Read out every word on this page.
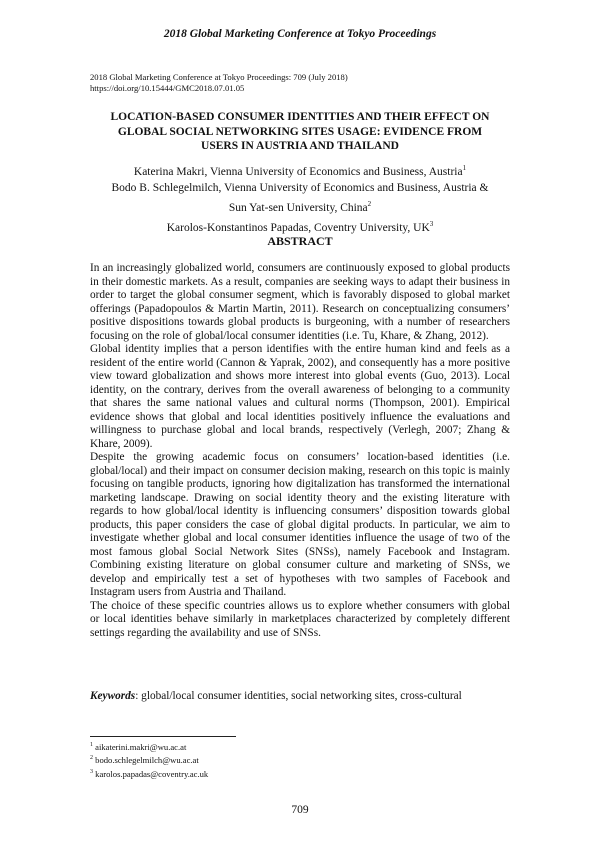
2018 Global Marketing Conference at Tokyo Proceedings
2018 Global Marketing Conference at Tokyo Proceedings: 709 (July 2018)
https://doi.org/10.15444/GMC2018.07.01.05
LOCATION-BASED CONSUMER IDENTITIES AND THEIR EFFECT ON
GLOBAL SOCIAL NETWORKING SITES USAGE: EVIDENCE FROM
USERS IN AUSTRIA AND THAILAND
Katerina Makri, Vienna University of Economics and Business, Austria$^1$
Bodo B. Schlegelmilch, Vienna University of Economics and Business, Austria &
Sun Yat-sen University, China$^2$
Karolos-Konstantinos Papadas, Coventry University, $UK^3$
ABSTRACT

In an increasingly globalized world, consumers are continuously exposed to global products in their domestic markets. As a result, companies are seeking ways to adapt their business in order to target the global consumer segment, which is favorably disposed to global market offerings (Papadopoulos & Martin Martin, 2011). Research on conceptualizing consumers’ positive dispositions towards global products is burgeoning, with a number of researchers focusing on the role of global/local consumer identities (i.e. Tu, Khare, & Zhang, 2012).

Global identity implies that a person identifies with the entire human kind and feels as a resident of the entire world (Cannon & Yaprak, 2002), and consequently has a more positive view toward globalization and shows more interest into global events (Guo, 2013). Local identity, on the contrary, derives from the overall awareness of belonging to a community that shares the same national values and cultural norms (Thompson, 2001). Empirical evidence shows that global and local identities positively influence the evaluations and willingness to purchase global and local brands, respectively (Verlegh, 2007; Zhang & Khare, 2009).

Despite the growing academic focus on consumers’ location-based identities (i.e. global/local) and their impact on consumer decision making, research on this topic is mainly focusing on tangible products, ignoring how digitalization has transformed the international marketing landscape. Drawing on social identity theory and the existing literature with regards to how global/local identity is influencing consumers’ disposition towards global products, this paper considers the case of global digital products. In particular, we aim to investigate whether global and local consumer identities influence the usage of two of the most famous global Social Network Sites (SNSs), namely Facebook and Instagram. Combining existing literature on global consumer culture and marketing of SNSs, we develop and empirically test a set of hypotheses with two samples of Facebook and Instagram users from Austria and Thailand.

The choice of these specific countries allows us to explore whether consumers with global or local identities behave similarly in marketplaces characterized by completely different settings regarding the availability and use of SNSs.

Keywords: global/local consumer identities, social networking sites, cross-cultural
$^1$ aikaterini.makri@wu.ac.at
$^2$ bodo.schlegelmilch@wu.ac.at
$^3$ karolos.papadas@coventry.ac.uk
709
